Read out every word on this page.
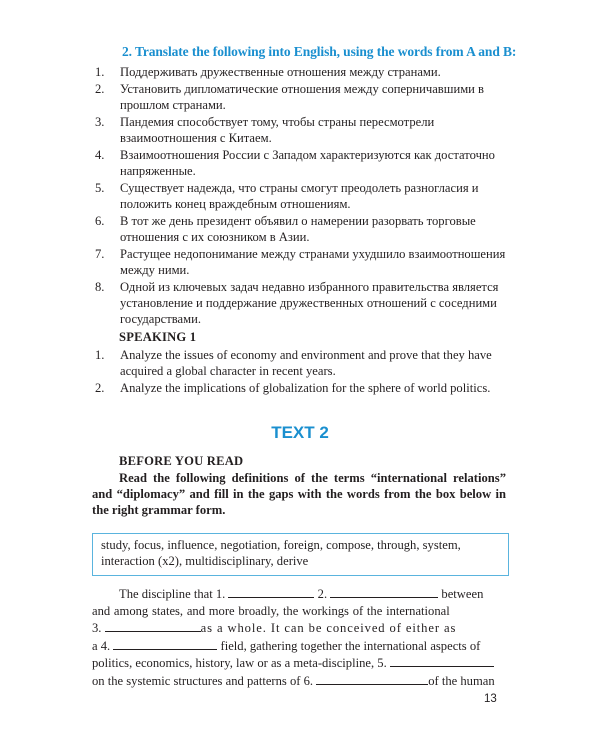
2. Translate the following into English, using the words from A and B:
1. Поддерживать дружественные отношения между странами.
2. Установить дипломатические отношения между соперничавшими в прошлом странами.
3. Пандемия способствует тому, чтобы страны пересмотрели взаимоотношения с Китаем.
4. Взаимоотношения России с Западом характеризуются как достаточно напряженные.
5. Существует надежда, что страны смогут преодолеть разногласия и положить конец враждебным отношениям.
6. В тот же день президент объявил о намерении разорвать торговые отношения с их союзником в Азии.
7. Растущее недопонимание между странами ухудшило взаимоотношения между ними.
8. Одной из ключевых задач недавно избранного правительства является установление и поддержание дружественных отношений с соседними государствами.
SPEAKING 1
1. Analyze the issues of economy and environment and prove that they have acquired a global character in recent years.
2. Analyze the implications of globalization for the sphere of world politics.
TEXT 2
BEFORE YOU READ
Read the following definitions of the terms “international relations” and “diplomacy” and fill in the gaps with the words from the box below in the right grammar form.
study, focus, influence, negotiation, foreign, compose, through, system, interaction (x2), multidisciplinary, derive
The discipline that 1.	2.	between
and among states, and more broadly, the workings of the international
3.	as a whole. It can be conceived of either as
a 4.	field, gathering together the international aspects of
politics, economics, history, law or as a meta-discipline, 5.
on the systemic structures and patterns of 6.	of the human
13
